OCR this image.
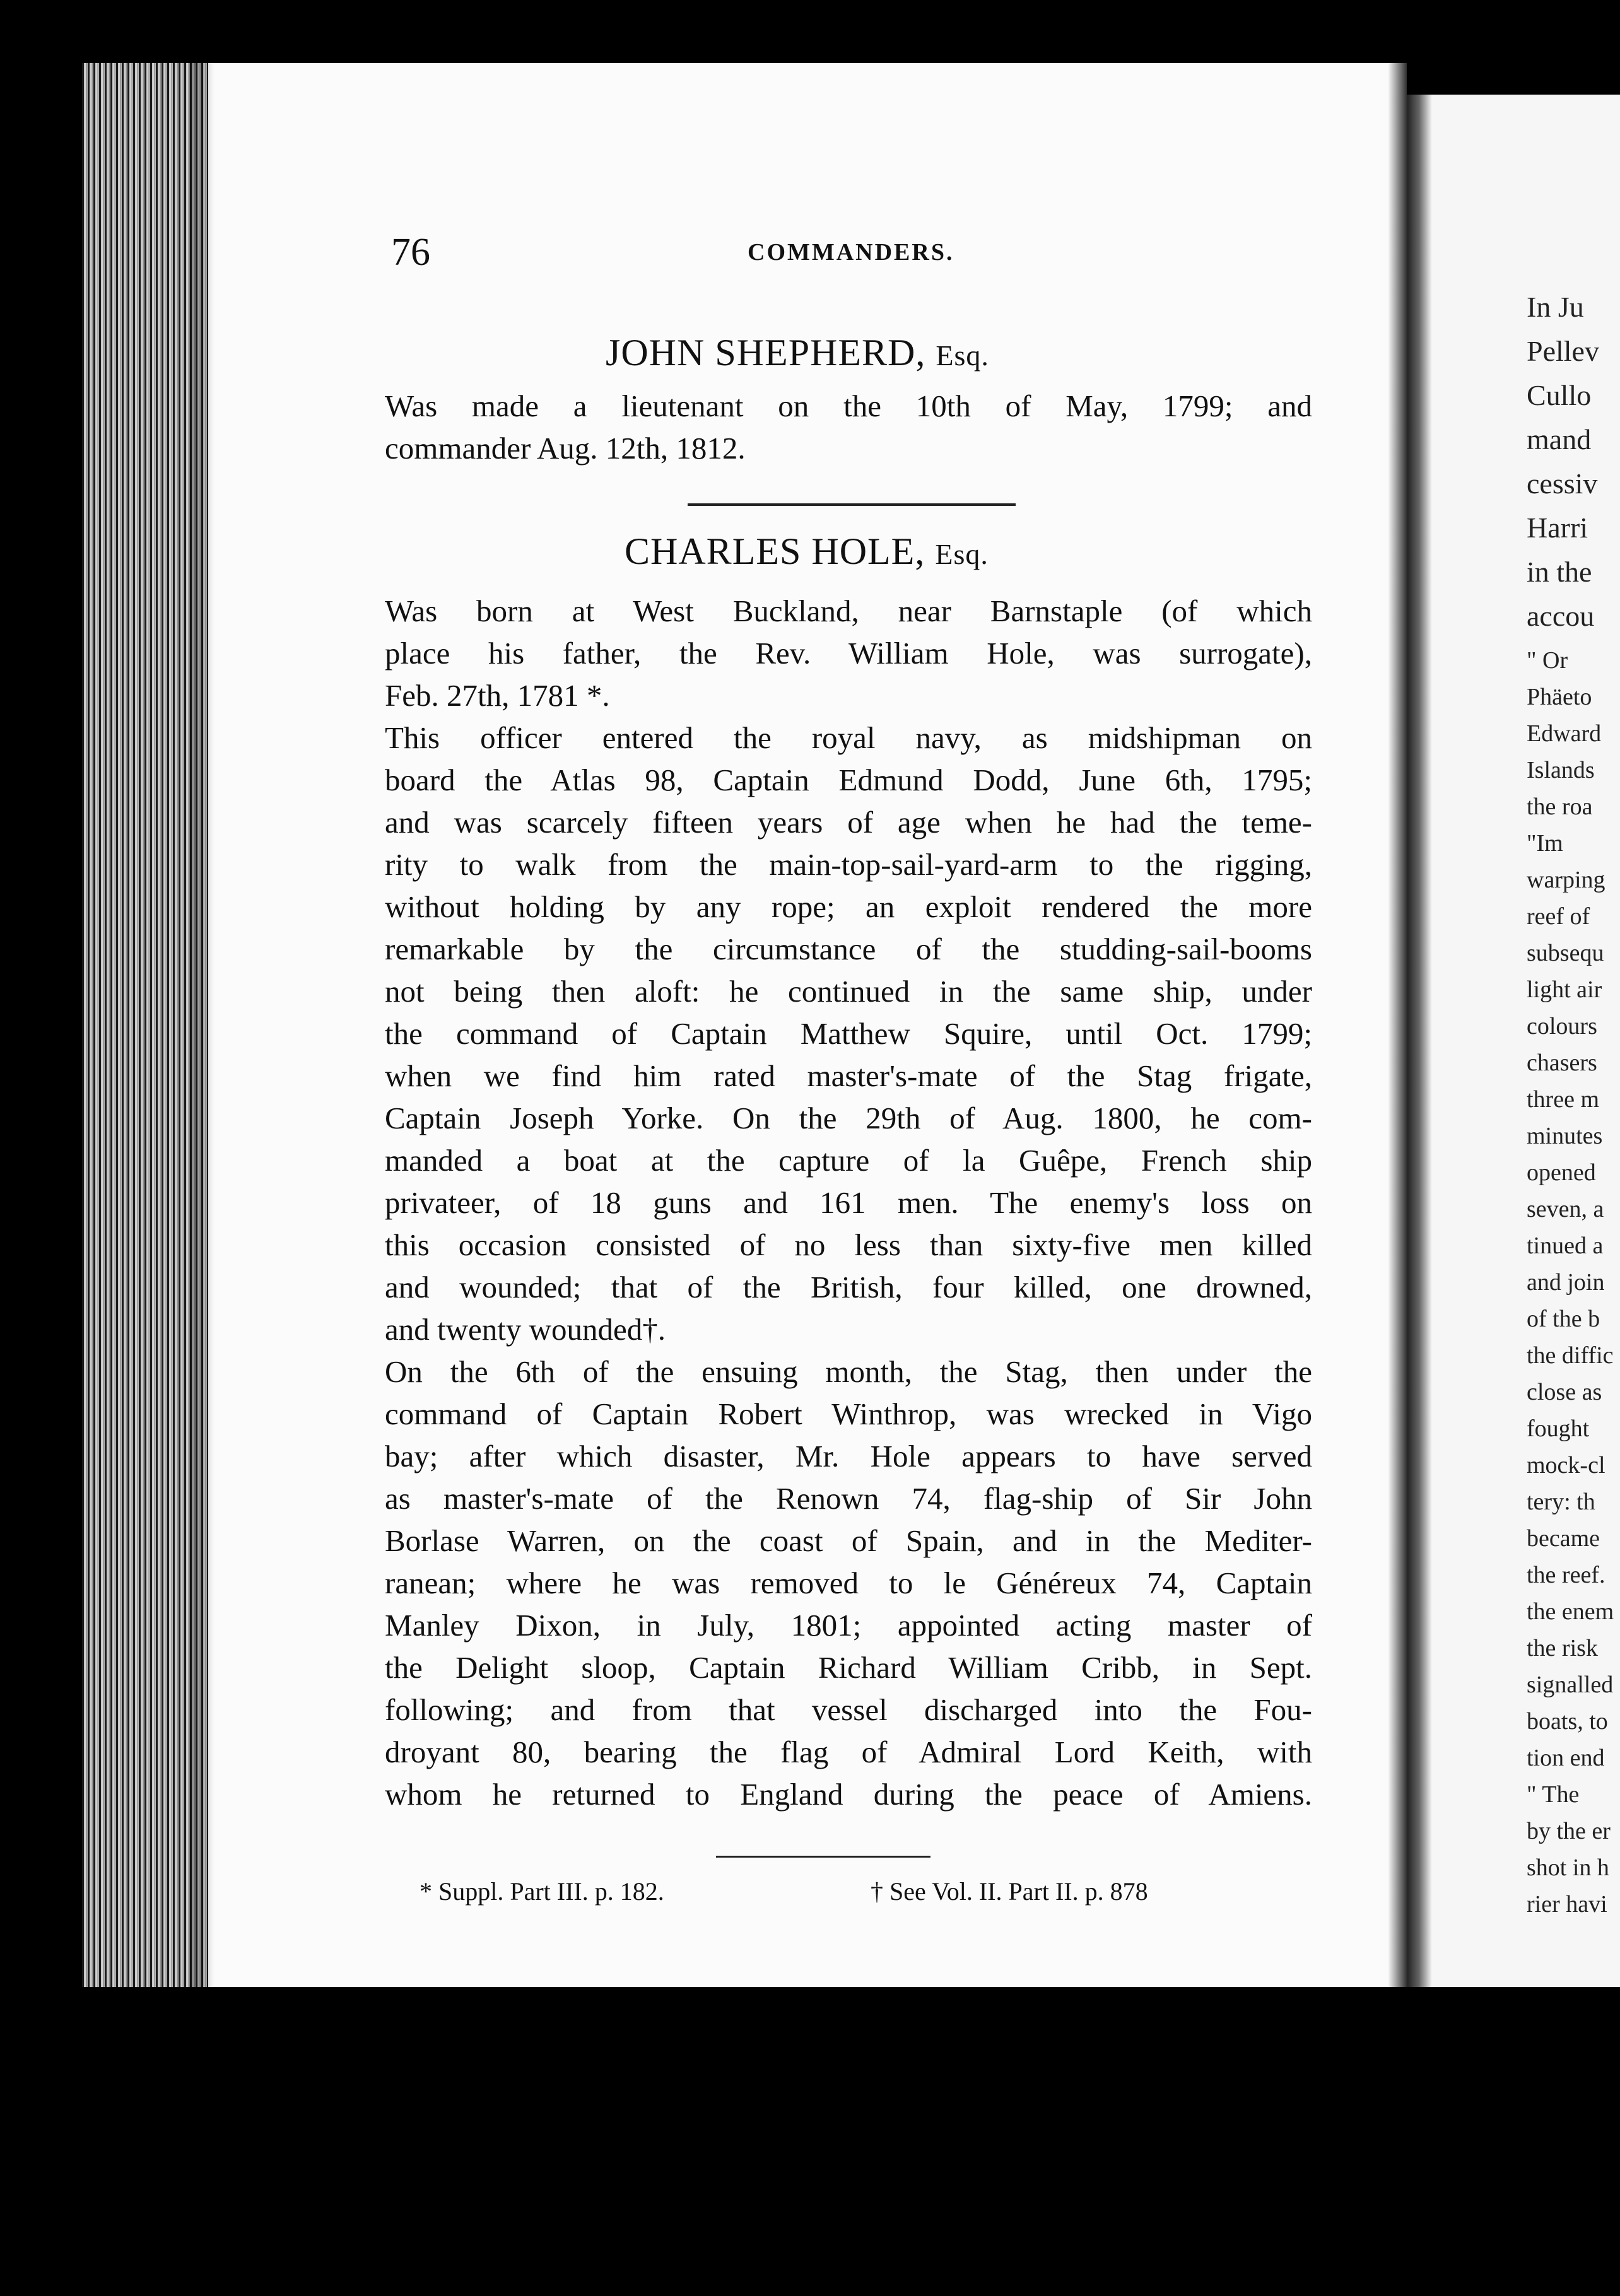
76	COMMANDERS.
JOHN SHEPHERD, Esq.
Was made a lieutenant on the 10th of May, 1799; and
commander Aug. 12th, 1812.
CHARLES HOLE, Esq.
Was born at West Buckland, near Barnstaple (of which
place his father, the Rev. William Hole, was surrogate),
Feb. 27th, 1781 *.
This officer entered the royal navy, as midshipman on
board the Atlas 98, Captain Edmund Dodd, June 6th, 1795;
and was scarcely fifteen years of age when he had the teme-
rity to walk from the main-top-sail-yard-arm to the rigging,
without holding by any rope; an exploit rendered the more
remarkable by the circumstance of the studding-sail-booms
not being then aloft: he continued in the same ship, under
the command of Captain Matthew Squire, until Oct. 1799;
when we find him rated master's-mate of the Stag frigate,
Captain Joseph Yorke. On the 29th of Aug. 1800, he com-
manded a boat at the capture of la Guêpe, French ship
privateer, of 18 guns and 161 men. The enemy's loss on
this occasion consisted of no less than sixty-five men killed
and wounded; that of the British, four killed, one drowned,
and twenty wounded†.
On the 6th of the ensuing month, the Stag, then under the
command of Captain Robert Winthrop, was wrecked in Vigo
bay; after which disaster, Mr. Hole appears to have served
as master's-mate of the Renown 74, flag-ship of Sir John
Borlase Warren, on the coast of Spain, and in the Mediter-
ranean; where he was removed to le Généreux 74, Captain
Manley Dixon, in July, 1801; appointed acting master of
the Delight sloop, Captain Richard William Cribb, in Sept.
following; and from that vessel discharged into the Fou-
droyant 80, bearing the flag of Admiral Lord Keith, with
whom he returned to England during the peace of Amiens.
* Suppl. Part III. p. 182.	† See Vol. II. Part II. p. 878
In Ju
Pellev
Cullo
mand
cessiv
Harri
in the
accou
" Or
Phäeto
Edward
Islands
the roa
"Im
warping
reef of
subsequ
light air
colours
chasers
three m
minutes
opened
seven, a
tinued a
and join
of the b
the diffic
close as
fought
mock-cl
tery: th
became
the reef.
the enem
the risk
signalled
boats, to
tion end
" The
by the er
shot in h
rier havi
